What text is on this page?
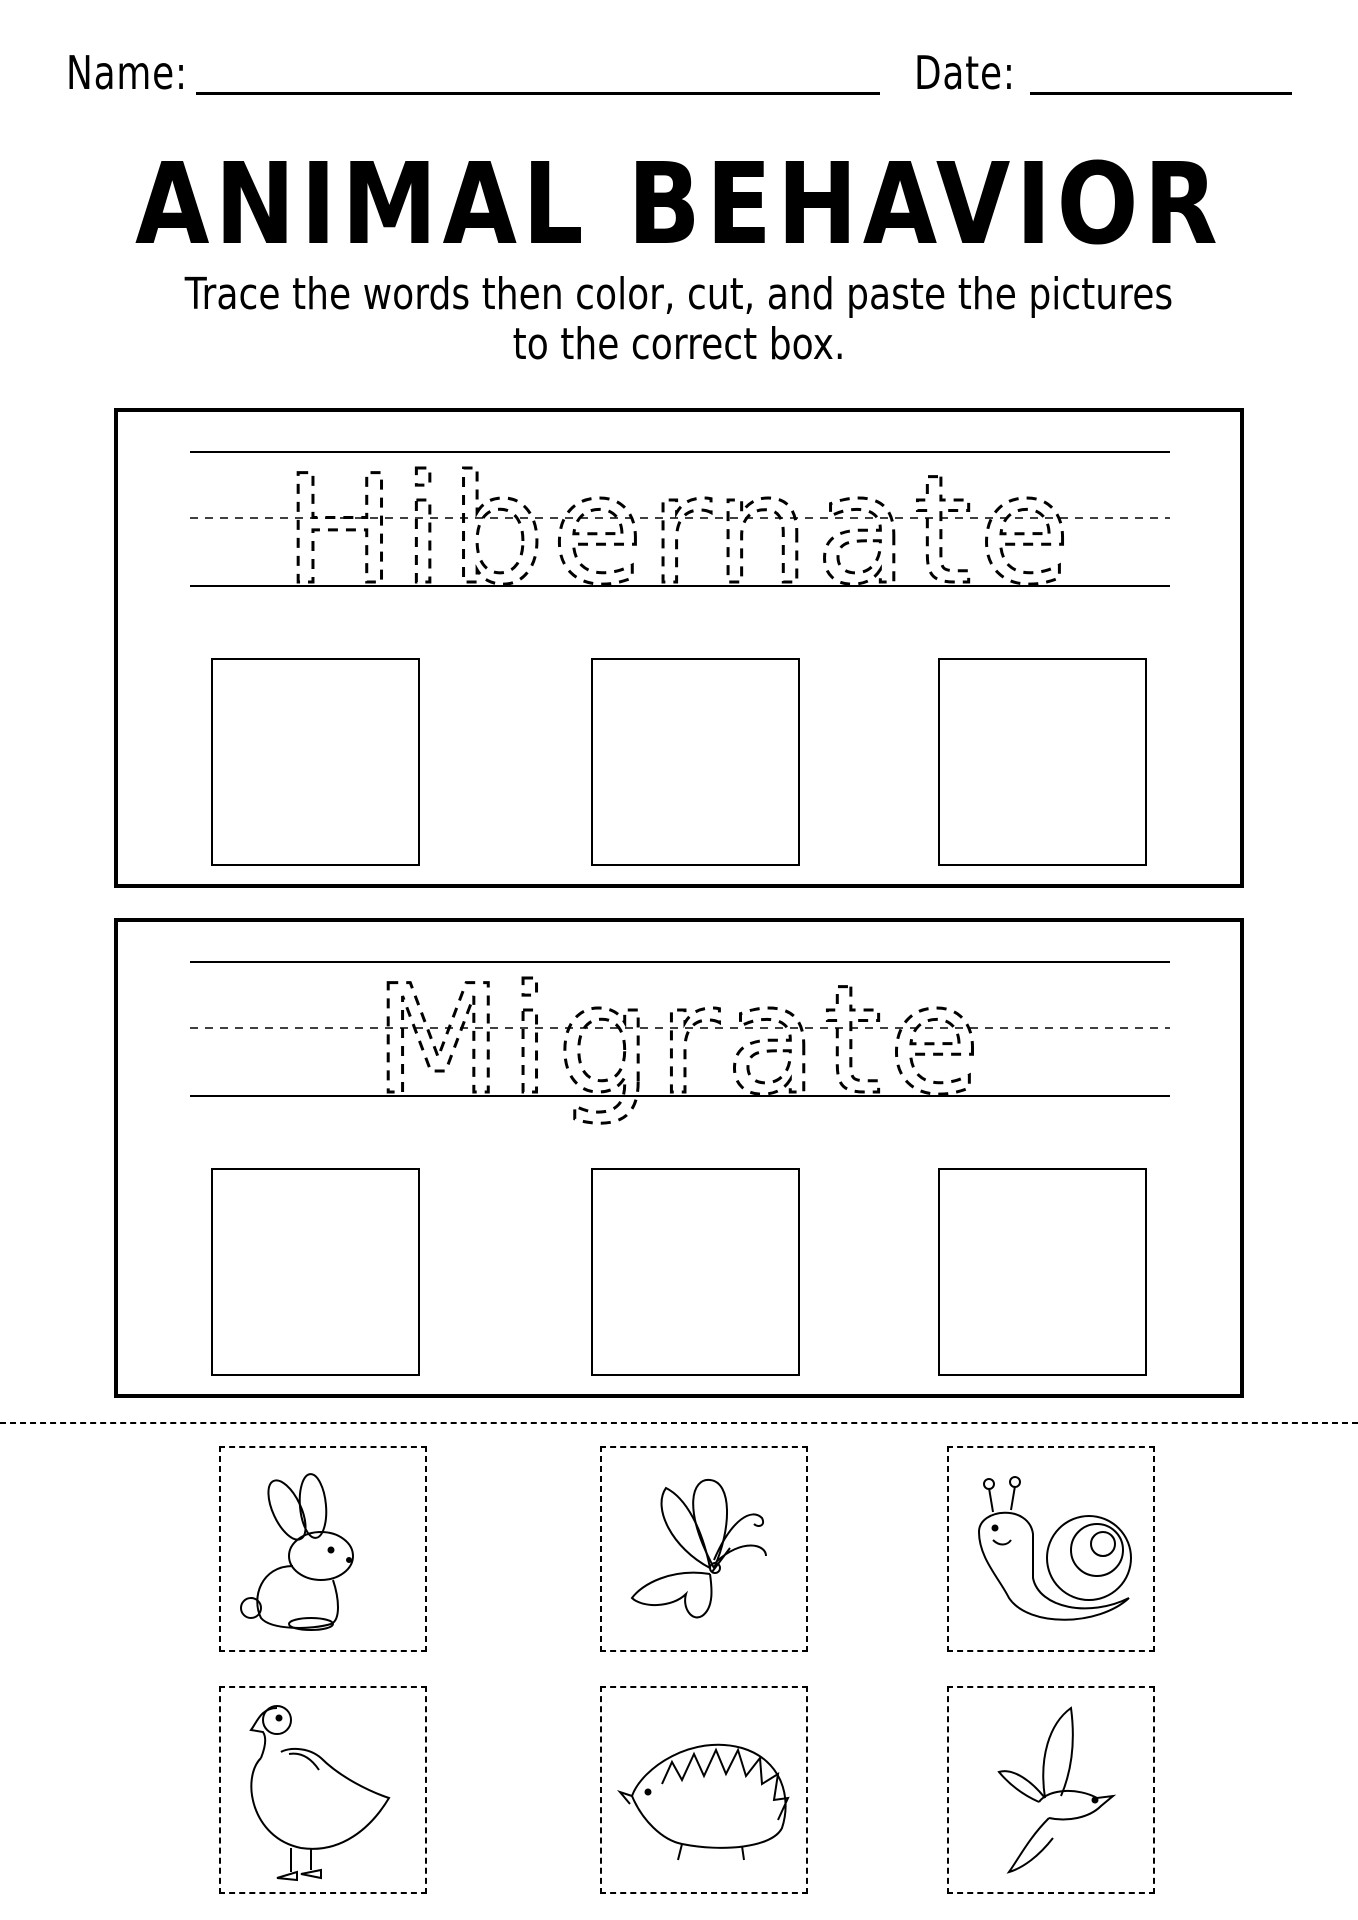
Name:	Date:
ANIMAL BEHAVIOR
Trace the words then color, cut, and paste the pictures
to the correct box.
Hibernate
Migrate
